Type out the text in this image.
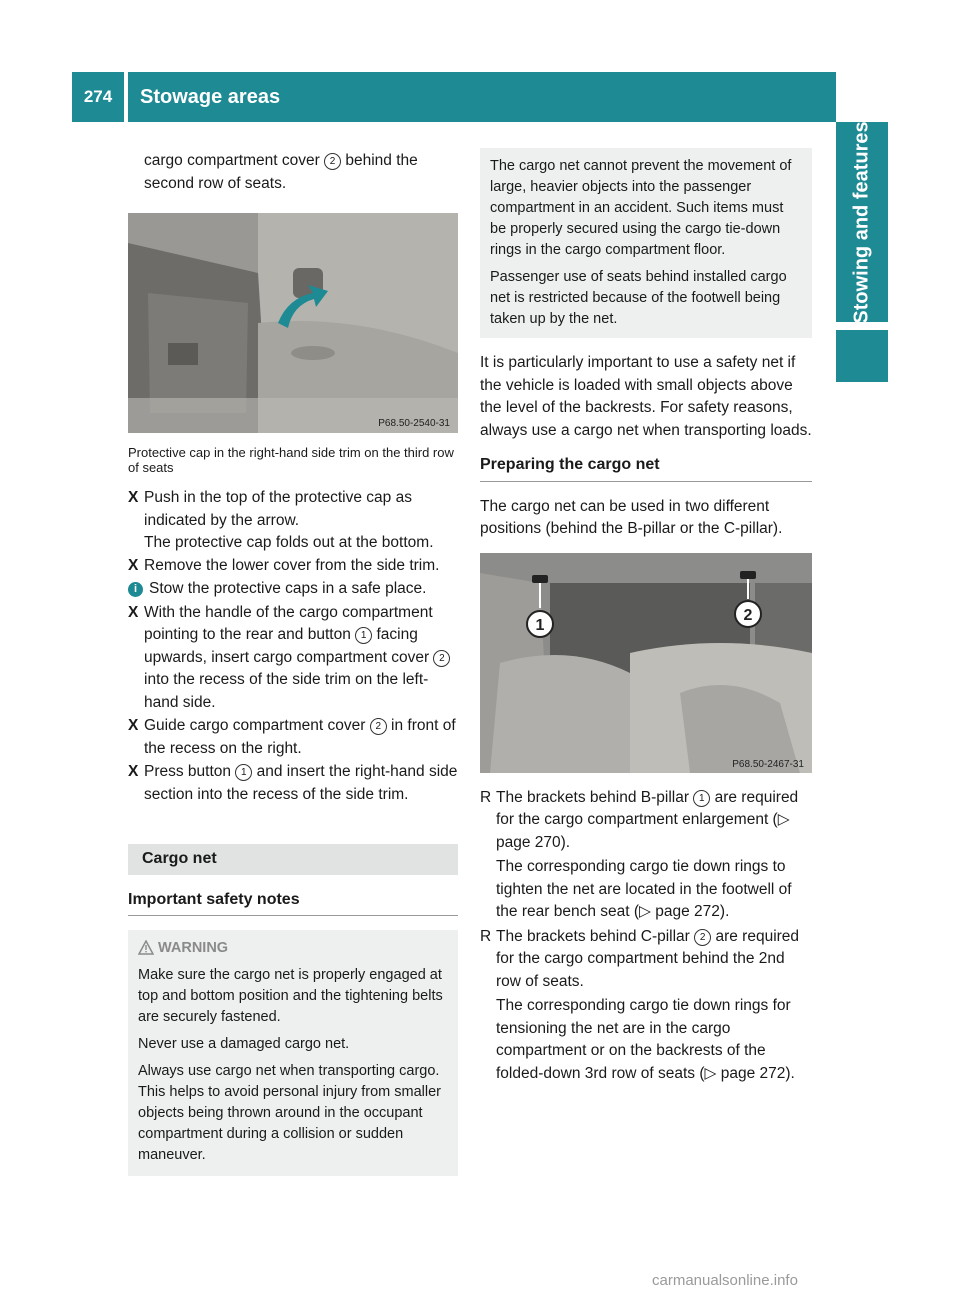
274	Stowage areas
Stowing and features

cargo compartment cover 2 behind the second row of seats.

P68.50-2540-31

Protective cap in the right-hand side trim on the third row of seats

X Push in the top of the protective cap as indicated by the arrow.
The protective cap folds out at the bottom.
X Remove the lower cover from the side trim.
i Stow the protective caps in a safe place.
X With the handle of the cargo compartment pointing to the rear and button 1 facing upwards, insert cargo compartment cover 2 into the recess of the side trim on the left-hand side.
X Guide cargo compartment cover 2 in front of the recess on the right.
X Press button 1 and insert the right-hand side section into the recess of the side trim.
Cargo net
Important safety notes
WARNING

Make sure the cargo net is properly engaged at top and bottom position and the tightening belts are securely fastened.

Never use a damaged cargo net.

Always use cargo net when transporting cargo. This helps to avoid personal injury from smaller objects being thrown around in the occupant compartment during a collision or sudden maneuver.

The cargo net cannot prevent the movement of large, heavier objects into the passenger compartment in an accident. Such items must be properly secured using the cargo tie-down rings in the cargo compartment floor.

Passenger use of seats behind installed cargo net is restricted because of the footwell being taken up by the net.

It is particularly important to use a safety net if the vehicle is loaded with small objects above the level of the backrests. For safety reasons, always use a cargo net when transporting loads.

Preparing the cargo net

The cargo net can be used in two different positions (behind the B-pillar or the C-pillar).

1
2
P68.50-2467-31
R The brackets behind B-pillar 1 are required for the cargo compartment enlargement (▷ page 270).

The corresponding cargo tie down rings to tighten the net are located in the footwell of the rear bench seat (▷ page 272).

R The brackets behind C-pillar 2 are required for the cargo compartment behind the 2nd row of seats.

The corresponding cargo tie down rings for tensioning the net are in the cargo compartment or on the backrests of the folded-down 3rd row of seats (▷ page 272).

carmanualsonline.info
